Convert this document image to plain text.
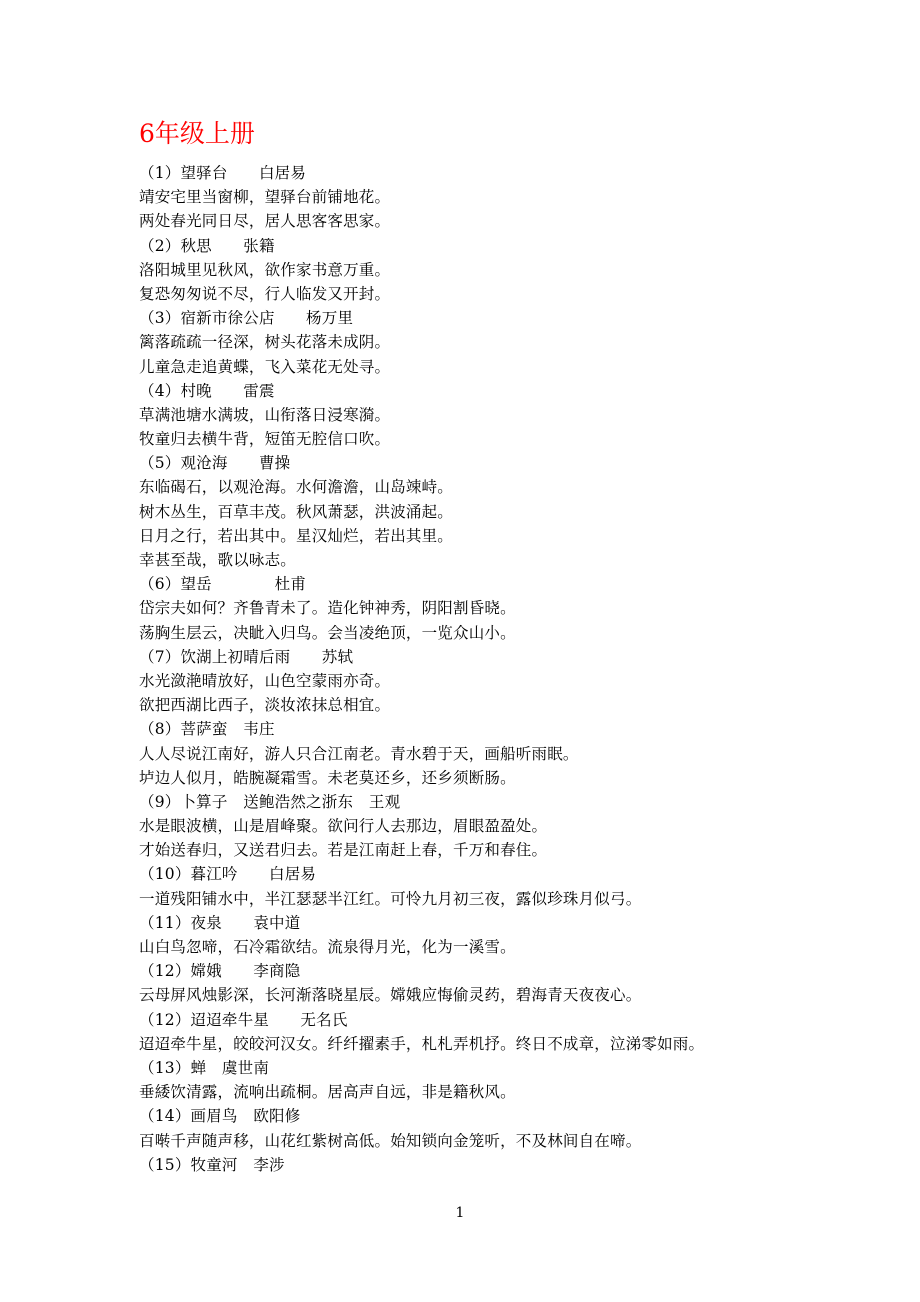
6年级上册
（1）望驿台　　白居易
靖安宅里当窗柳，望驿台前铺地花。
两处春光同日尽，居人思客客思家。
（2）秋思　　张籍
洛阳城里见秋风，欲作家书意万重。
复恐匆匆说不尽，行人临发又开封。
（3）宿新市徐公店　　杨万里
篱落疏疏一径深，树头花落未成阴。
儿童急走追黄蝶，飞入菜花无处寻。
（4）村晚　　雷震
草满池塘水满坡，山衔落日浸寒漪。
牧童归去横牛背，短笛无腔信口吹。
（5）观沧海　　曹操
东临碣石，以观沧海。水何澹澹，山岛竦峙。
树木丛生，百草丰茂。秋风萧瑟，洪波涌起。
日月之行，若出其中。星汉灿烂，若出其里。
幸甚至哉，歌以咏志。
（6）望岳　　　　杜甫
岱宗夫如何？齐鲁青未了。造化钟神秀，阴阳割昏晓。
荡胸生层云，决眦入归鸟。会当凌绝顶，一览众山小。
（7）饮湖上初晴后雨　　苏轼
水光潋滟晴放好，山色空蒙雨亦奇。
欲把西湖比西子，淡妆浓抹总相宜。
（8）菩萨蛮　韦庄
人人尽说江南好，游人只合江南老。青水碧于天，画船听雨眠。
垆边人似月，皓腕凝霜雪。未老莫还乡，还乡须断肠。
（9）卜算子　送鲍浩然之浙东　王观
水是眼波横，山是眉峰聚。欲问行人去那边，眉眼盈盈处。
才始送春归，又送君归去。若是江南赶上春，千万和春住。
（10）暮江吟　　白居易
一道残阳铺水中，半江瑟瑟半江红。可怜九月初三夜，露似珍珠月似弓。
（11）夜泉　　袁中道
山白鸟忽啼，石冷霜欲结。流泉得月光，化为一溪雪。
（12）嫦娥　　李商隐
云母屏风烛影深，长河渐落晓星辰。嫦娥应悔偷灵药，碧海青天夜夜心。
（12）迢迢牵牛星　　无名氏
迢迢牵牛星，皎皎河汉女。纤纤擢素手，札札弄机抒。终日不成章，泣涕零如雨。
（13）蝉　虞世南
垂緌饮清露，流响出疏桐。居高声自远，非是籍秋风。
（14）画眉鸟　欧阳修
百啭千声随声移，山花红紫树高低。始知锁向金笼听，不及林间自在啼。
（15）牧童河　李涉
1
